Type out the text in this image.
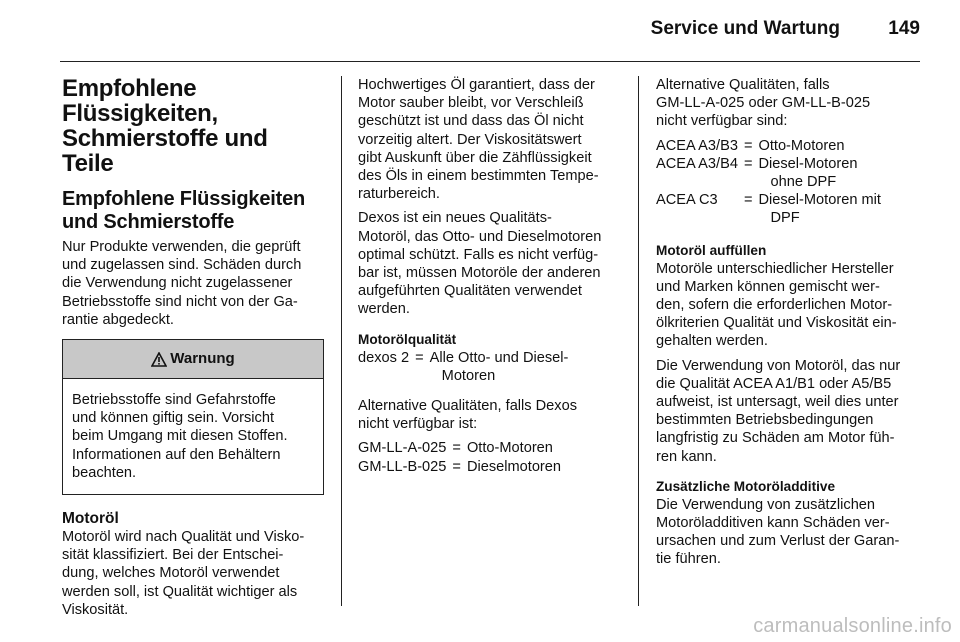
Service und Wartung	149
Empfohlene
Flüssigkeiten,
Schmierstoffe und Teile
Empfohlene Flüssigkeiten
und Schmierstoffe

Nur Produkte verwenden, die geprüft
und zugelassen sind. Schäden durch
die Verwendung nicht zugelassener
Betriebsstoffe sind nicht von der Ga-
rantie abgedeckt.

Warnung
Betriebsstoffe sind Gefahrstoffe
und können giftig sein. Vorsicht
beim Umgang mit diesen Stoffen.
Informationen auf den Behältern
beachten.
Motoröl

Motoröl wird nach Qualität und Visko-
sität klassifiziert. Bei der Entschei-
dung, welches Motoröl verwendet
werden soll, ist Qualität wichtiger als
Viskosität.

Hochwertiges Öl garantiert, dass der
Motor sauber bleibt, vor Verschleiß
geschützt ist und dass das Öl nicht
vorzeitig altert. Der Viskositätswert
gibt Auskunft über die Zähflüssigkeit
des Öls in einem bestimmten Tempe-
raturbereich.

Dexos ist ein neues Qualitäts-
Motoröl, das Otto- und Dieselmotoren
optimal schützt. Falls es nicht verfüg-
bar ist, müssen Motoröle der anderen
aufgeführten Qualitäten verwendet
werden.

Motorölqualität
dexos 2	=	Alle Otto- und Diesel-
Motoren

Alternative Qualitäten, falls Dexos
nicht verfügbar ist:

GM-LL-A-025	=	Otto-Motoren
GM-LL-B-025	=	Dieselmotoren

Alternative Qualitäten, falls
GM-LL-A-025 oder GM-LL-B-025
nicht verfügbar sind:

ACEA A3/B3	=	Otto-Motoren
ACEA A3/B4	=	Diesel-Motoren
ohne DPF

ACEA C3	=	Diesel-Motoren mit
DPF
Motoröl auffüllen

Motoröle unterschiedlicher Hersteller
und Marken können gemischt wer-
den, sofern die erforderlichen Motor-
ölkriterien Qualität und Viskosität ein-
gehalten werden.

Die Verwendung von Motoröl, das nur
die Qualität ACEA A1/B1 oder A5/B5
aufweist, ist untersagt, weil dies unter
bestimmten Betriebsbedingungen
langfristig zu Schäden am Motor füh-
ren kann.

Zusätzliche Motoröladditive

Die Verwendung von zusätzlichen
Motoröladditiven kann Schäden ver-
ursachen und zum Verlust der Garan-
tie führen.

carmanualsonline.info
